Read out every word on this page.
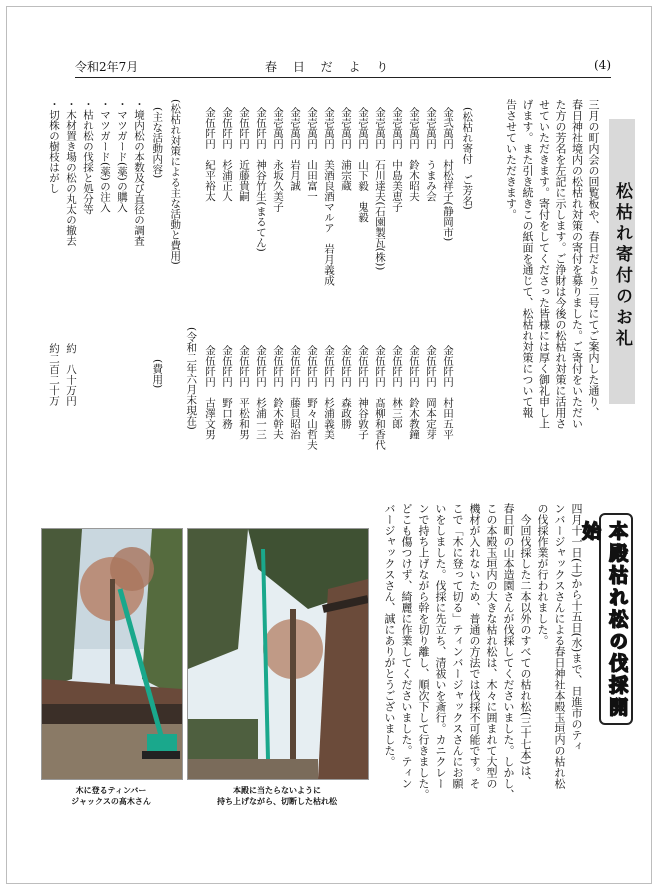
令和2年7月	春 日 だ よ り	(4)
松枯れ寄付のお礼
三月の町内会の回覧板や、春日だより二号にてご案内した通り、
春日神社境内の松枯れ対策の寄付を募りました。ご寄付をいただい
た方の芳名を左記に示します。ご浄財は今後の松枯れ対策に活用さ
せていただきます。寄付をしてくださった皆様には厚く御礼申し上
げます。また引き続きこの紙面を通じて、松枯れ対策について報
告させていただきます。
(松枯れ寄付　ご芳名)
金弐萬円　村松祥子(静岡市)
金壱萬円　うまみ会
金壱萬円　鈴木昭夫
金壱萬円　中島美恵子
金壱萬円　石川達夫(石園製瓦(株))
金壱萬円　山下毅　鬼毅
金壱萬円　浦宗蔵
金壱萬円　美酒良酒マルア　岩月義成
金壱萬円　山田富一
金壱萬円　岩月誠
金壱萬円　永坂久美子
金伍阡円　神谷竹生(まるてん)
金伍阡円　近藤貴嗣
金伍阡円　杉浦正人
金伍阡円　紀平裕太
金伍阡円　村田五平
金伍阡円　岡本定芽
金伍阡円　鈴木教鐘
金伍阡円　林三郎
金伍阡円　髙柳和香代
金伍阡円　神谷敦子
金伍阡円　森政勝
金伍阡円　杉浦義美
金伍阡円　野々山哲夫
金伍阡円　藤貝昭治
金伍阡円　鈴木幹夫
金伍阡円　杉浦一三
金伍阡円　平松和男
金伍阡円　野口務
金伍阡円　古澤文男
(令和二年六月末現在)
(松枯れ対策による主な活動と費用)
(主な活動内容)
(費用)
・境内松の本数及び直径の調査
・マツガード(薬)の購入
・マツガード(薬)の注入
・枯れ松の伐採と処分等
・木材置き場の松の丸太の撤去
・切株の樹枝はがし
約　八十万円
約二百二十万
本殿枯れ松の伐採開始
四月十一日(土)から十五日(水)まで、日進市のティ
ンバージャックスさんによる春日神社本殿玉垣内の枯れ松
の伐採作業が行われました。
　今回伐採した二本以外のすべての枯れ松(三十七本)は、
春日町の山本造園さんが伐採してくださいました。しかし、
この本殿玉垣内の大きな枯れ松は、木々に囲まれて大型の
機材が入れないため、普通の方法では伐採不可能です。そ
こで「木に登って切る」ティンバージャックスさんにお願
いをしました。伐採に先立ち、清祓いを斎行。カニクレー
ンで持ち上げながら幹を切り離し、順次下して行きました。
どこも傷つけず、綺麗に作業してくださいました。ティン
バージャックスさん、誠にありがとうございました。
木に登るティンバー
ジャックスの髙木さん
本殿に当たらないように
持ち上げながら、切断した枯れ松
